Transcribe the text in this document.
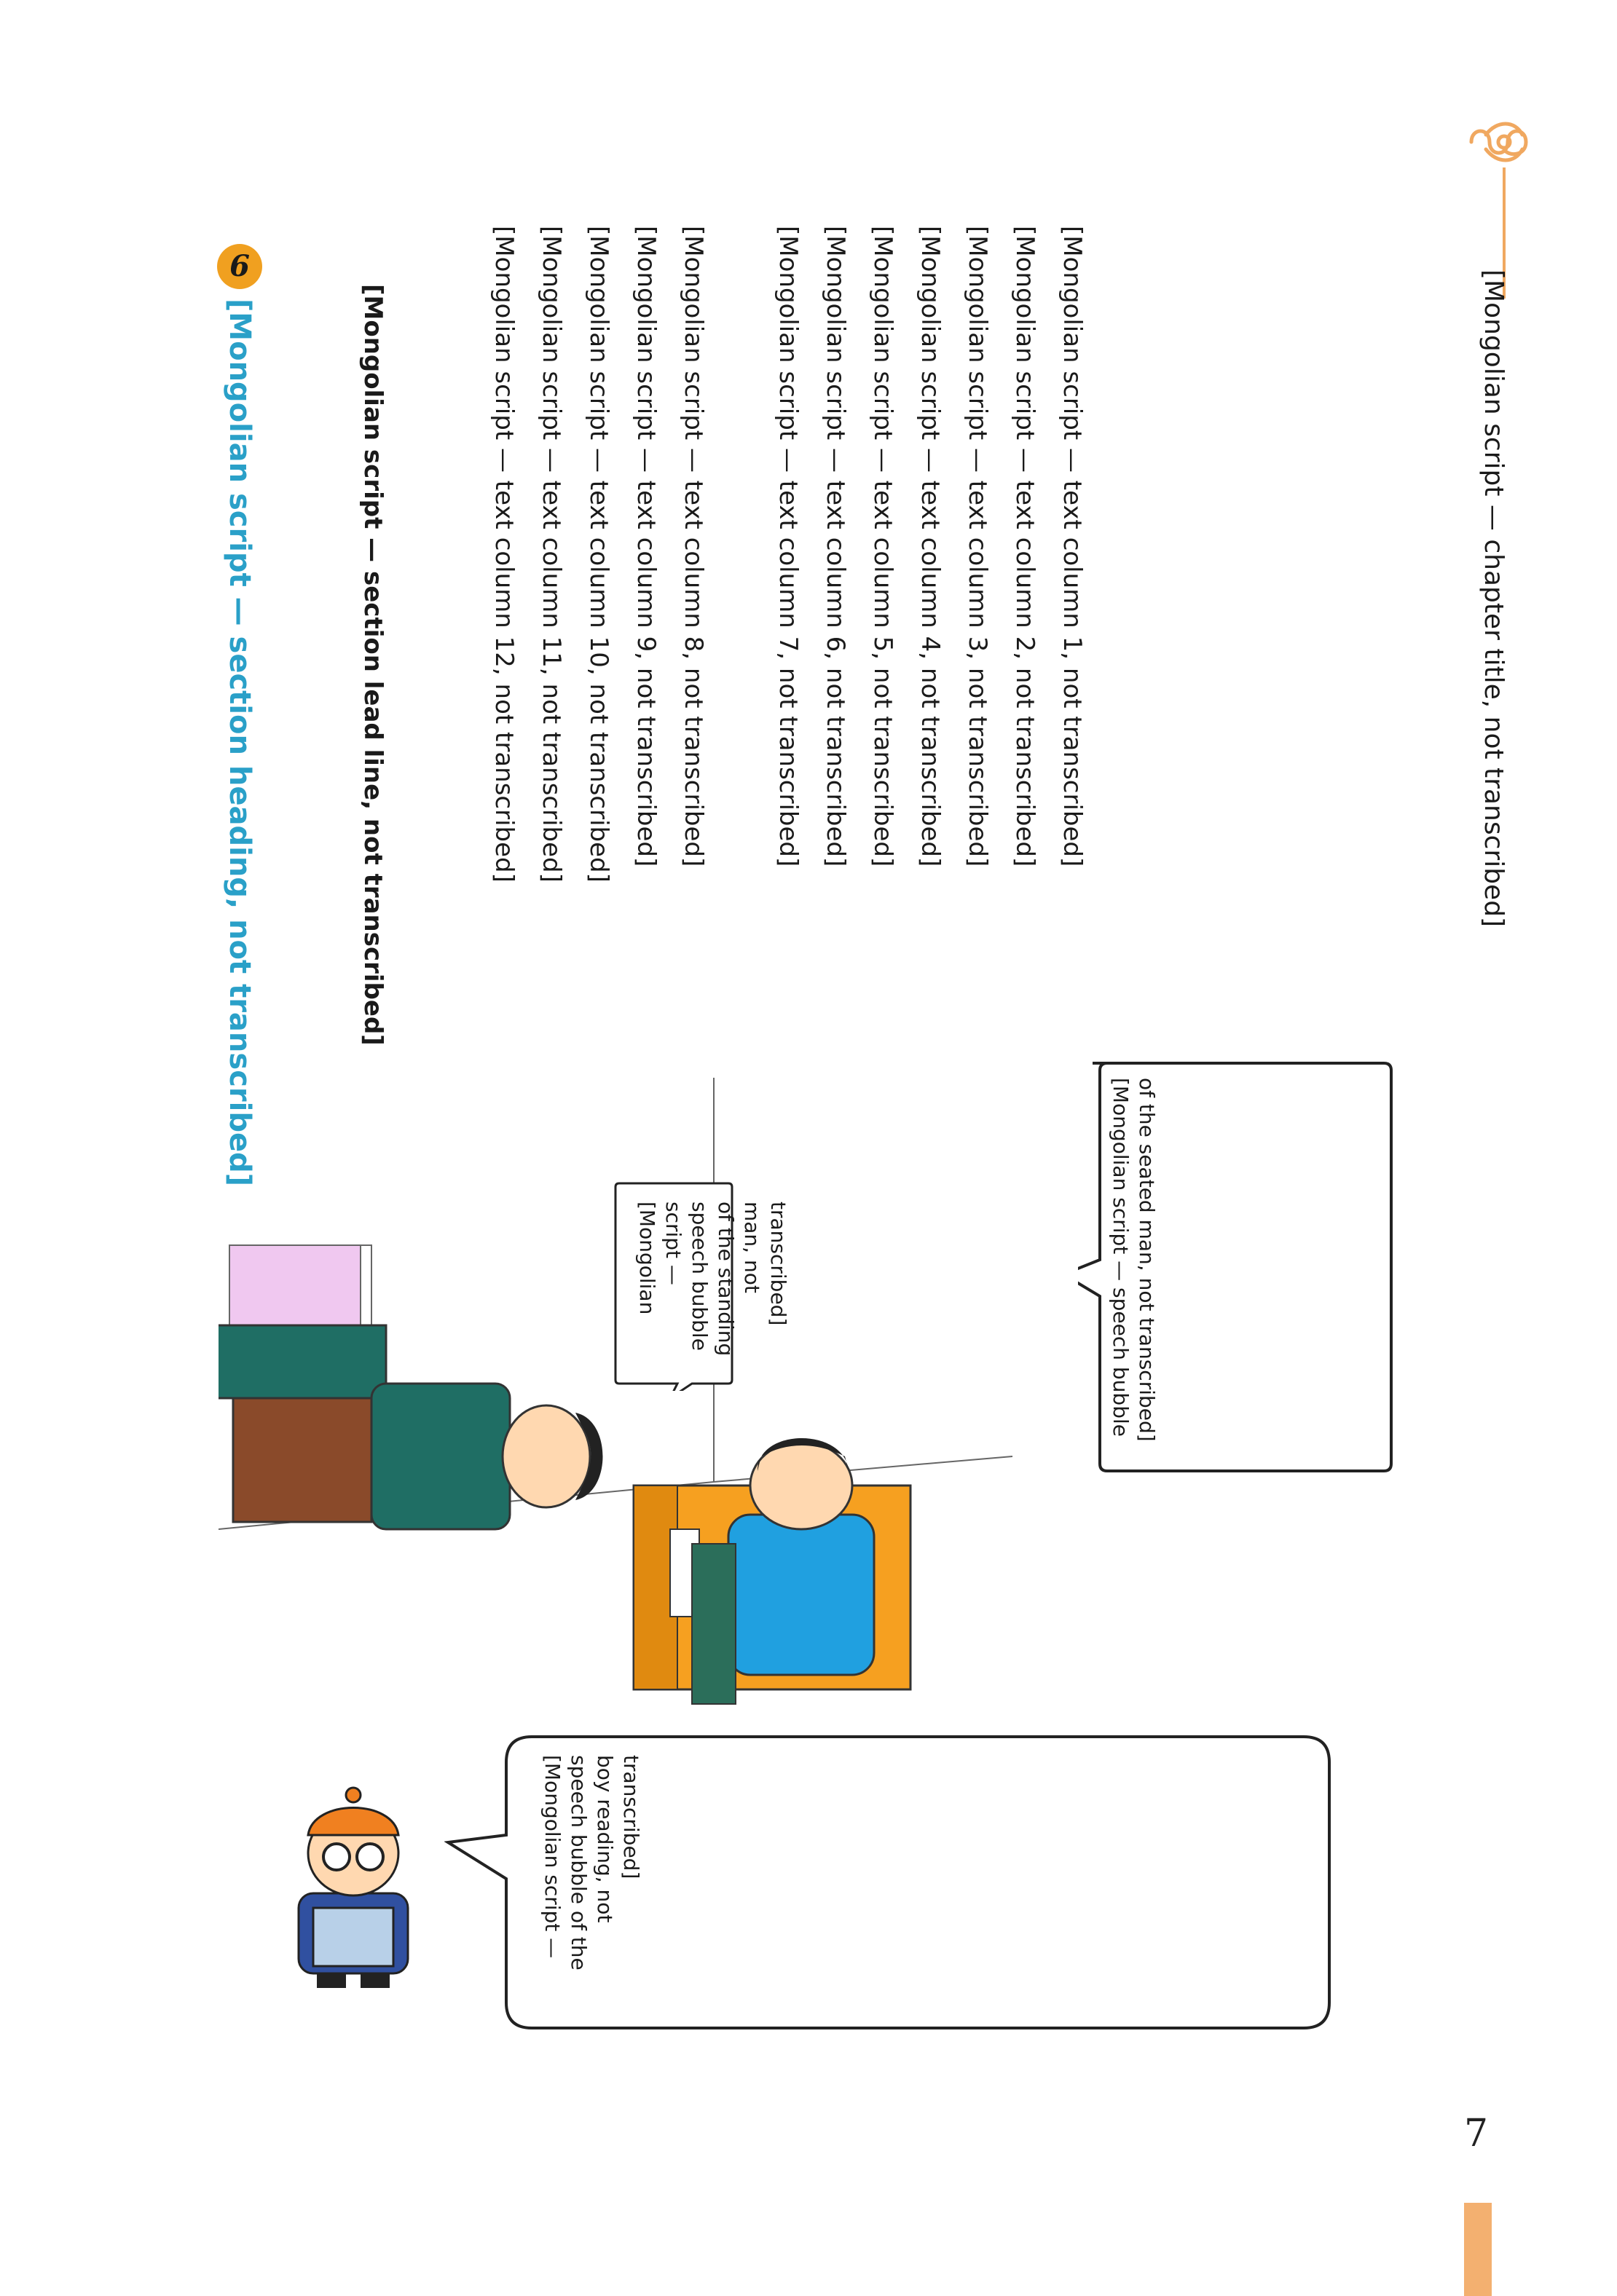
[Mongolian script — chapter title, not transcribed]
[Mongolian script — text column 1, not transcribed]
[Mongolian script — text column 2, not transcribed]
[Mongolian script — text column 3, not transcribed]
[Mongolian script — text column 4, not transcribed]
[Mongolian script — text column 5, not transcribed]
[Mongolian script — text column 6, not transcribed]
[Mongolian script — text column 7, not transcribed]
[Mongolian script — text column 8, not transcribed]
[Mongolian script — text column 9, not transcribed]
[Mongolian script — text column 10, not transcribed]
[Mongolian script — text column 11, not transcribed]
[Mongolian script — text column 12, not transcribed]
6
[Mongolian script — section heading, not transcribed]	[Mongolian script — section lead line, not transcribed]
[Mongolian script — speech bubble of the seated man, not transcribed]
[Mongolian script — speech bubble of the standing man, not transcribed]
[Mongolian script — speech bubble of the boy reading, not transcribed]
7
